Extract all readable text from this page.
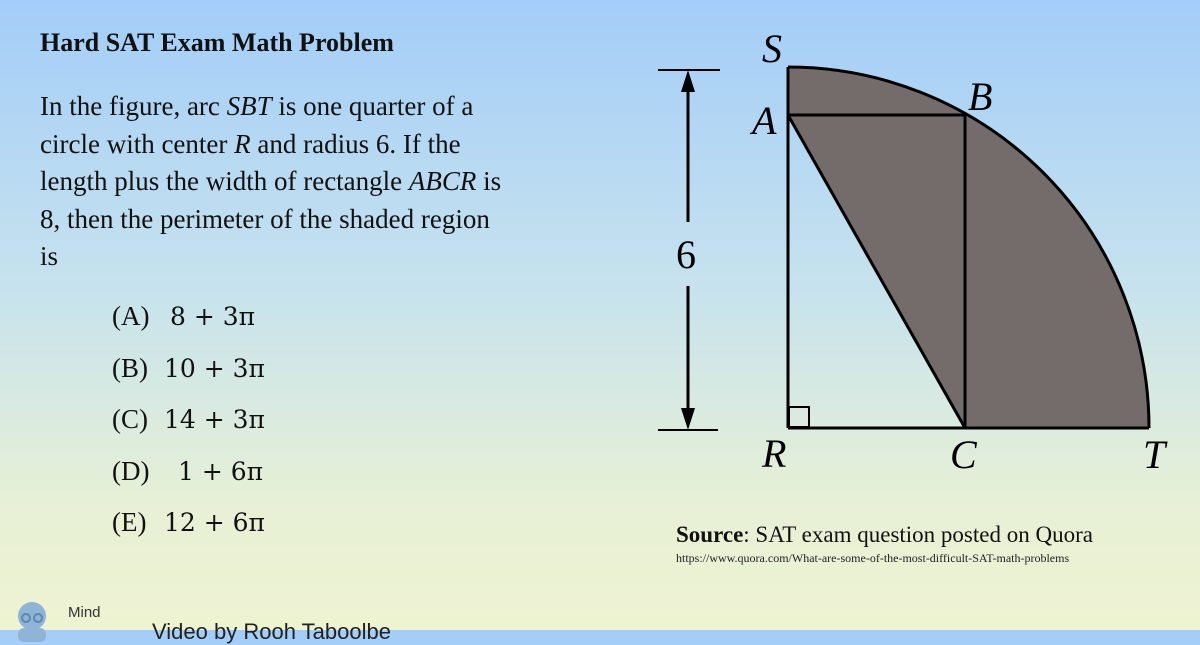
Hard SAT Exam Math Problem
In the figure, arc SBT is one quarter of a
circle with center R and radius 6. If the
length plus the width of rectangle ABCR is
8, then the perimeter of the shaded region
is
(A) 8 + 3π
(B) 10 + 3π
(C) 14 + 3π
(D) 1 + 6π
(E) 12 + 6π
6
S
B
A
R	C	T
Source: SAT exam question posted on Quora
https://www.quora.com/What-are-some-of-the-most-difficult-SAT-math-problems
Mind
Video by Rooh Taboolbe
